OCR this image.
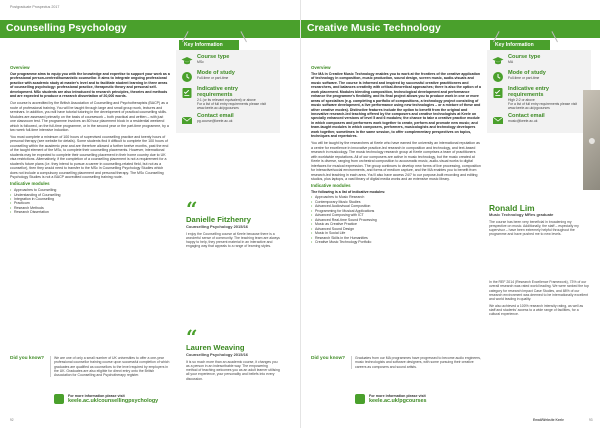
Postgraduate Prospectus 2017
Counselling Psychology
Overview

Our programme aims to equip you with the knowledge and expertise to support your work as a professional person-centred/humanistic counsellor. It aims to integrate ongoing professional practice with academic study at master's level and to facilitate student learning in three areas of counselling psychology: professional practice, therapeutic theory and personal self-development. MSc students are also introduced to research principles, theories and methods and are expected to produce a research dissertation of 20,000 words.

Our course is accredited by the British Association of Counselling and Psychotherapists (BACP) as a route of professional training. You will be taught through large and small group work, lectures and seminars. In addition, you will have tutorial tutoring in the development of practical counselling skills. Modules are assessed primarily on the basis of coursework – both practical and written – with just one classroom test. The programme involves an 80 hour placement block in a residential weekend which is followed, on the full-time programme, or in the second year or the part-time programme, by a two week full-time intensive induction.

You must complete a minimum of 100 hours of supervised counselling practice and twenty hours of personal therapy (see website for details). Some students find it difficult to complete the 100 hours of counselling within the academic year and are therefore allowed a further twelve months, past the end of the taught element of the MSc, to complete their counselling placements. However, international students may be expected to complete their counselling placement in their home country due to UK visa restrictions. Alternatively, if the completion of a counselling placement is not a requirement for a student's future plans (i.e. they intend to pursue a career in counselling-related field, but not as a counsellor), then they would need to transfer to the MSc in Counselling Psychology Studies which does not include a compulsory counselling placement and personal therapy. The MSc Counselling Psychology Studies is not a BACP accredited counselling training route.

Indicative modules
• Approaches to Counselling
• Understanding of Counselling
• Integration in Counselling
• Practicum
• Research Methods
• Research Dissertation
Key Information
Course type
MSc
Mode of study
Full-time or part-time
Indicative entry requirements
2:1 (or its relevant equivalent) or above
For a list of full entry requirements please visit www.keele.ac.uk/pgcourses
Contact email
pg.course@keele.ac.uk
“
Danielle Fitzhenry
Counselling Psychology 2015/16
I enjoy the Counselling course at Keele because there is a wonderful sense of community. The teaching team are always happy to help, they present material in an interactive and engaging way that appeals to a range of learning styles.
“
Lauren Weaving
Counselling Psychology 2015/16
It is so much more than an academic course, it changes you as a person in an indescribable way. The empowering method of teaching welcomes you as an adult learner utilising all your experience, your personality and beliefs into every discussion.
Did you know?	We are one of only a small number of UK universities to offer a one-year professional counsellor training course upon successful completion of which graduates are qualified as counsellors to the level required by employers in the UK. Graduates are also eligible for direct entry onto the British Association for Counselling and Psychotherapy register.
For more information please visit
keele.ac.uk/counsellingpsychology
92
Creative Music Technology
Overview

The MA in Creative Music Technology enables you to work at the frontiers of the creative application of technology in composition, music production, sound design, screen music, audio-visuals and music software. The course is informed and inspired by successful creative practitioners and researchers, and balances creativity with critical-theoretical approaches; there is also the option of a work placement. Modules blending composition, technological development and performance enhance the programme's flexibility, and its final project allows you to produce work in one or more areas of specialism (e.g. completing a portfolio of compositions, a technology project consisting of music software development, a live performance using new technologies – or a mixture of these and other creative modes). Distinctive features include the option to benefit from the original and innovative research-led teaching offered by the composers and creative technologists at Keele on specially enhanced versions of level 5 and 6 modules; the chance to take a creative practice module in which composers and performers work together to create, perform and promote new music; and team-taught modules in which composers, performers, musicologists and technology developers work together, sometimes in the same session, to offer complementary perspectives on topics, techniques and repertoires.

You will be taught by the researchers at Keele who have earned the university an international reputation as a centre for excellence in innovative practice-led research in composition and technology, and text-based research in musicology. The music technology research group at Keele comprises a team of practitioners with worldwide reputations. All of our composers are active in music technology, but the music created at Keele is diverse, ranging from orchestral composition to acousmatic music, audio-visual works to digital interfaces for musical expression. The group continues to develop new forms of live processing, composition for interactive/social environments, and forms of medium capture, and the MA enables you to benefit from research-led teaching in each area. You'll also have access 24/7 to our purpose-built recording and editing studios, plus laptops, a vast library of digital media works and an extensive music library.

Indicative modules

The following is a list of indicative modules:

• Approaches to Music Research
• Contemporary Music Studies
• Advanced Audiovisual Composition
• Programming for Musical Applications
• Advanced Composing with ICT
• Advanced Real-time Sound Processing
• Music as Creative Practice
• Advanced Sound Design
• Music in Social Life
• Research Skills in the Humanities
• Creative Music Technology Portfolio
Key Information
Course type
MA
Mode of study
Full-time or part-time
Indicative entry requirements
High 2:2 or above
For a list of full entry requirements please visit www.keele.ac.uk/pgcourses
Contact email
music@keele.ac.uk
●
Ronald Lim
Music Technology MRes graduate
The course has been very beneficial in broadening my perspective on music. Additionally, the staff – especially my supervisor – have been extremely helpful throughout the programme and have pushed me to new levels.

In the REF 2014 (Research Excellence Framework), 73% of our overall research was rated world leading. We were ranked the top category for research Impact Case Studies, and 88% of our research environment was deemed to be internationally excellent and world leading in quality.

We also achieved a 100% research intensity rating, as well as staff and students' access to a wide range of facilities, for a cultural experience.

Did you know?	Graduates from our MA programmes have progressed to become audio engineers, music technologists and software designers, with some pursuing their creative careers as composers and sound artists.
For more information please visit
keele.ac.uk/pgcourses
Email/Website Keele	93
